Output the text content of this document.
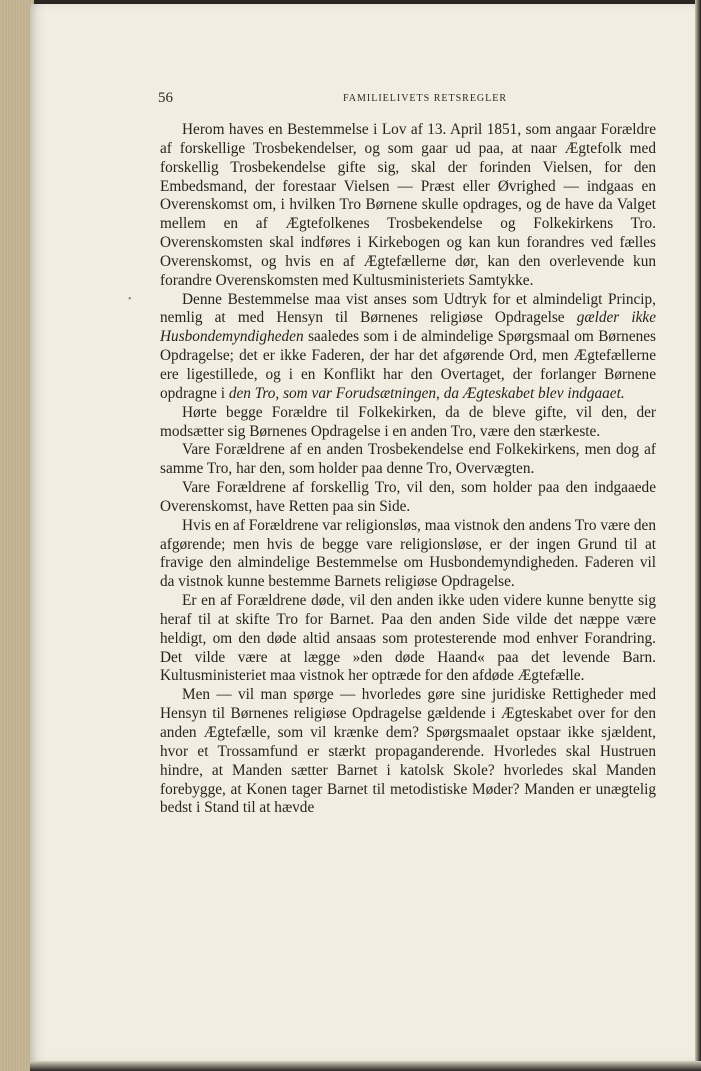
56	FAMILIELIVETS RETSREGLER
•

Herom haves en Bestemmelse i Lov af 13. April 1851, som angaar Forældre af forskellige Trosbekendelser, og som gaar ud paa, at naar Ægtefolk med forskellig Trosbekendelse gifte sig, skal der forinden Vielsen, for den Embedsmand, der forestaar Vielsen — Præst eller Øvrighed — indgaas en Overenskomst om, i hvilken Tro Børnene skulle opdrages, og de have da Valget mellem en af Ægtefolkenes Trosbekendelse og Folkekirkens Tro. Overenskomsten skal indføres i Kirkebogen og kan kun forandres ved fælles Overenskomst, og hvis en af Ægtefællerne dør, kan den overlevende kun forandre Overenskomsten med Kultusministeriets Samtykke.

Denne Bestemmelse maa vist anses som Udtryk for et almindeligt Princip, nemlig at med Hensyn til Børnenes religiøse Opdragelse gælder ikke Husbondemyndigheden saaledes som i de almindelige Spørgsmaal om Børnenes Opdragelse; det er ikke Faderen, der har det afgørende Ord, men Ægtefællerne ere ligestillede, og i en Konflikt har den Overtaget, der forlanger Børnene opdragne i den Tro, som var Forudsætningen, da Ægteskabet blev indgaaet.

Hørte begge Forældre til Folkekirken, da de bleve gifte, vil den, der modsætter sig Børnenes Opdragelse i en anden Tro, være den stærkeste.

Vare Forældrene af en anden Trosbekendelse end Folkekirkens, men dog af samme Tro, har den, som holder paa denne Tro, Overvægten.

Vare Forældrene af forskellig Tro, vil den, som holder paa den indgaaede Overenskomst, have Retten paa sin Side.

Hvis en af Forældrene var religionsløs, maa vistnok den andens Tro være den afgørende; men hvis de begge vare religionsløse, er der ingen Grund til at fravige den almindelige Bestemmelse om Husbondemyndigheden. Faderen vil da vistnok kunne bestemme Barnets religiøse Opdragelse.

Er en af Forældrene døde, vil den anden ikke uden videre kunne benytte sig heraf til at skifte Tro for Barnet. Paa den anden Side vilde det næppe være heldigt, om den døde altid ansaas som protesterende mod enhver Forandring. Det vilde være at lægge »den døde Haand« paa det levende Barn. Kultusministeriet maa vistnok her optræde for den afdøde Ægtefælle.

Men — vil man spørge — hvorledes gøre sine juridiske Rettigheder med Hensyn til Børnenes religiøse Opdragelse gældende i Ægteskabet over for den anden Ægtefælle, som vil krænke dem? Spørgsmaalet opstaar ikke sjældent, hvor et Trossamfund er stærkt propaganderende. Hvorledes skal Hustruen hindre, at Manden sætter Barnet i katolsk Skole? hvorledes skal Manden forebygge, at Konen tager Barnet til metodistiske Møder? Manden er unægtelig bedst i Stand til at hævde
